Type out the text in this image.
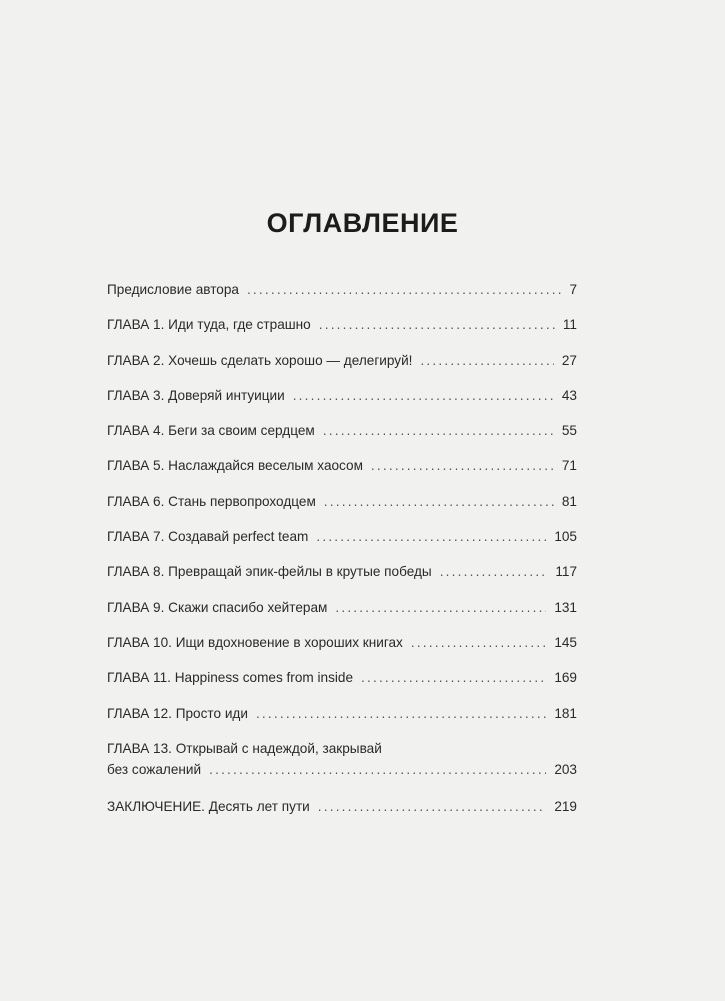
ОГЛАВЛЕНИЕ
Предисловие автора .....	7
ГЛАВА 1. Иди туда, где страшно .....	11
ГЛАВА 2. Хочешь сделать хорошо — делегируй! .....	27
ГЛАВА 3. Доверяй интуиции .....	43
ГЛАВА 4. Беги за своим сердцем .....	55
ГЛАВА 5. Наслаждайся веселым хаосом .....	71
ГЛАВА 6. Стань первопроходцем .....	81
ГЛАВА 7. Создавай perfect team .....	105
ГЛАВА 8. Превращай эпик-фейлы в крутые победы .....	117
ГЛАВА 9. Скажи спасибо хейтерам .....	131
ГЛАВА 10. Ищи вдохновение в хороших книгах .....	145
ГЛАВА 11. Happiness comes from inside .....	169
ГЛАВА 12. Просто иди .....	181
ГЛАВА 13. Открывай с надеждой, закрывай
без сожалений .....	203
ЗАКЛЮЧЕНИЕ. Десять лет пути .....	219
